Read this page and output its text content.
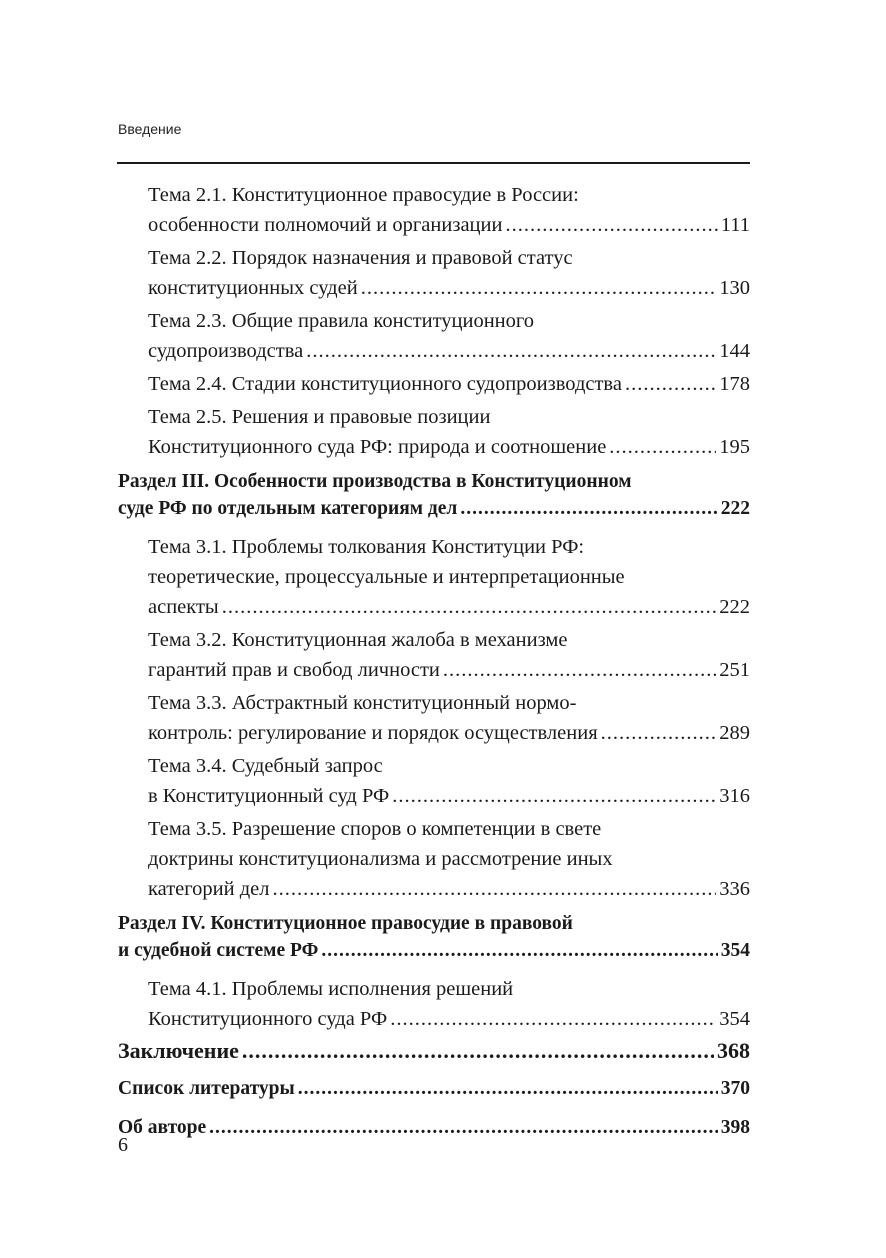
Введение
Тема 2.1. Конституционное правосудие в России:
особенности полномочий и организации .....	111
Тема 2.2. Порядок назначения и правовой статус
конституционных судей .....	130
Тема 2.3. Общие правила конституционного
судопроизводства .....	144
Тема 2.4. Стадии конституционного судопроизводства .....	178
Тема 2.5. Решения и правовые позиции
Конституционного суда РФ: природа и соотношение .....	195
Раздел III. Особенности производства в Конституционном
суде РФ по отдельным категориям дел .....	222
Тема 3.1. Проблемы толкования Конституции РФ:
теоретические, процессуальные и интерпретационные
аспекты .....	222
Тема 3.2. Конституционная жалоба в механизме
гарантий прав и свобод личности .....	251
Тема 3.3. Абстрактный конституционный нормо-
контроль: регулирование и порядок осуществления .....	289
Тема 3.4. Судебный запрос
в Конституционный суд РФ .....	316
Тема 3.5. Разрешение споров о компетенции в свете
доктрины конституционализма и рассмотрение иных
категорий дел .....	336
Раздел IV. Конституционное правосудие в правовой
и судебной системе РФ .....	354
Тема 4.1. Проблемы исполнения решений
Конституционного суда РФ .....	354
Заключение .....	368
Список литературы .....	370
Об авторе .....	398
6
